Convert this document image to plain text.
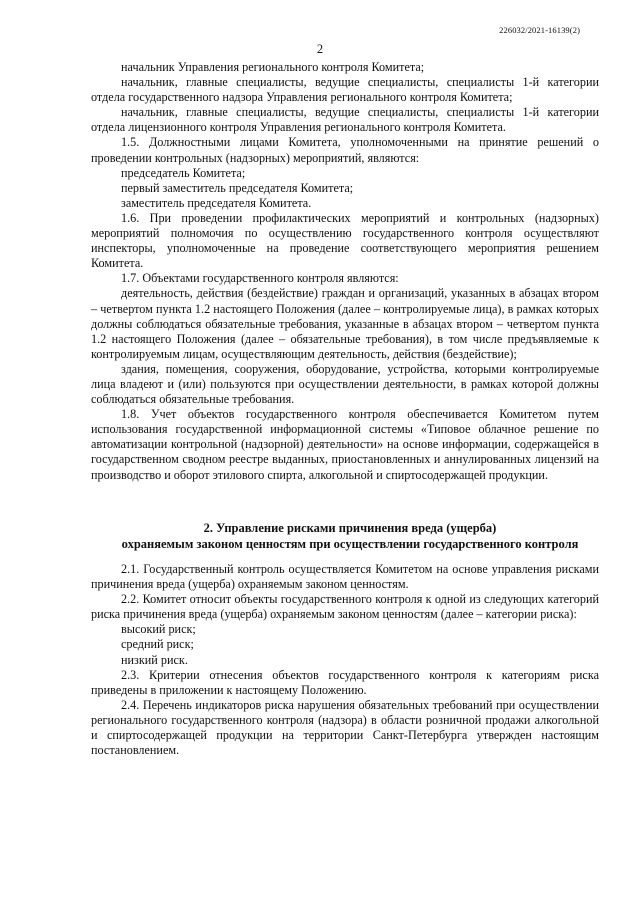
226032/2021-16139(2)
2

начальник Управления регионального контроля Комитета;

начальник, главные специалисты, ведущие специалисты, специалисты 1-й категории отдела государственного надзора Управления регионального контроля Комитета;

начальник, главные специалисты, ведущие специалисты, специалисты 1-й категории отдела лицензионного контроля Управления регионального контроля Комитета.

1.5. Должностными лицами Комитета, уполномоченными на принятие решений о проведении контрольных (надзорных) мероприятий, являются:

председатель Комитета;

первый заместитель председателя Комитета;

заместитель председателя Комитета.

1.6. При проведении профилактических мероприятий и контрольных (надзорных) мероприятий полномочия по осуществлению государственного контроля осуществляют инспекторы, уполномоченные на проведение соответствующего мероприятия решением Комитета.

1.7. Объектами государственного контроля являются:

деятельность, действия (бездействие) граждан и организаций, указанных в абзацах втором – четвертом пункта 1.2 настоящего Положения (далее – контролируемые лица), в рамках которых должны соблюдаться обязательные требования, указанные в абзацах втором – четвертом пункта 1.2 настоящего Положения (далее – обязательные требования), в том числе предъявляемые к контролируемым лицам, осуществляющим деятельность, действия (бездействие);

здания, помещения, сооружения, оборудование, устройства, которыми контролируемые лица владеют и (или) пользуются при осуществлении деятельности, в рамках которой должны соблюдаться обязательные требования.

1.8. Учет объектов государственного контроля обеспечивается Комитетом путем использования государственной информационной системы «Типовое облачное решение по автоматизации контрольной (надзорной) деятельности» на основе информации, содержащейся в государственном сводном реестре выданных, приостановленных и аннулированных лицензий на производство и оборот этилового спирта, алкогольной и спиртосодержащей продукции.

2. Управление рисками причинения вреда (ущерба)
охраняемым законом ценностям при осуществлении государственного контроля

2.1. Государственный контроль осуществляется Комитетом на основе управления рисками причинения вреда (ущерба) охраняемым законом ценностям.

2.2. Комитет относит объекты государственного контроля к одной из следующих категорий риска причинения вреда (ущерба) охраняемым законом ценностям (далее – категории риска):

высокий риск;

средний риск;

низкий риск.

2.3. Критерии отнесения объектов государственного контроля к категориям риска приведены в приложении к настоящему Положению.

2.4. Перечень индикаторов риска нарушения обязательных требований при осуществлении регионального государственного контроля (надзора) в области розничной продажи алкогольной и спиртосодержащей продукции на территории Санкт-Петербурга утвержден настоящим постановлением.
